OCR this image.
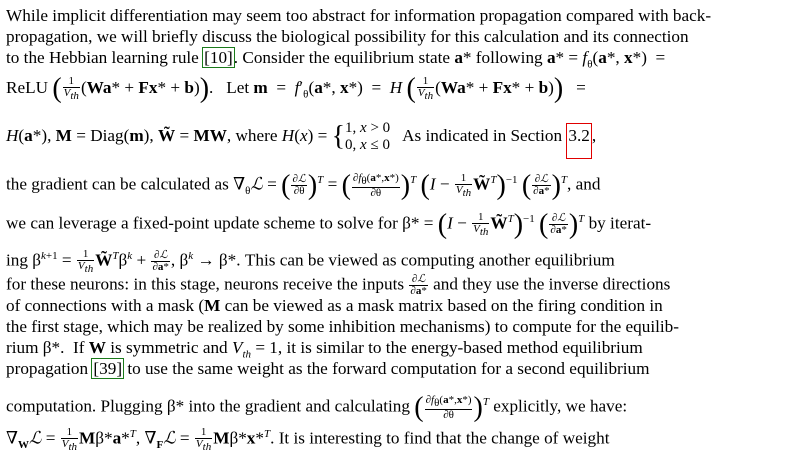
While implicit differentiation may seem too abstract for information propagation compared with back-
propagation, we will briefly discuss the biological possibility for this calculation and its connection
to the Hebbian learning rule [10]. Consider the equilibrium state a* following $a* = f_\theta(a*$, x*)  =
ReLU ( $\frac{1}{V_{th}} (Wa* + Fx* + b)$).   Let $m = f'_\theta(a*$, x*)  =  H ( $\frac{1}{V_{th}} (Wa* + Fx* + b)$)   =
H(a*), M = Diag(m), W̃ = MW, where H(x) = {1, x > 0
0, x ≤ 0   As indicated in Section 3.2 ,
the gradient can be calculated as $\nabla_\theta ℒ$ = ( $\frac{\text{∂ℒ}}{\partial\theta} )^T$ = ( $\frac{\partial f_\theta(a*,x*)}{\partial\theta} )^T$ ($I - \frac{1}{V_{th}}$ W̃$^T$)$^{-1}$ ( $\frac{\text{∂ℒ}}{\partial a*} )^T$, and
we can leverage a fixed-point update scheme to solve for $\beta* = (I - \frac{1}{V_{th}}$ W̃$^T$)$^{-1}$ ( $\frac{\text{∂ℒ}}{\partial a*} )^T$ by iterat-
ing $\beta^{k+1} = \frac{1}{V_{th}}$ $W̃^T\beta^k + \frac{\text{∂ℒ}}{\partial a*}$ , $\beta^k \to \beta*$. This can be viewed as computing another equilibrium
for these neurons: in this stage, neurons receive the inputs $\frac{\text{∂ℒ}}{\partial a*}$ and they use the inverse directions
of connections with a mask (M can be viewed as a mask matrix based on the firing condition in
the first stage, which may be realized by some inhibition mechanisms) to compute for the equilib-
rium β*.  If W is symmetric and $V_{th} = 1$, it is similar to the energy-based method equilibrium
propagation [39] to use the same weight as the forward computation for a second equilibrium
computation. Plugging β* into the gradient and calculating ( $\frac{\partial f_\theta(a*,x*)}{\partial\theta} )^T$ explicitly, we have:
$\nabla_Wℒ = \frac{1}{V_{th}} M\beta*a*^T$, $\nabla_Fℒ = \frac{1}{V_{th}} M\beta*x*^T$. It is interesting to find that the change of weight
